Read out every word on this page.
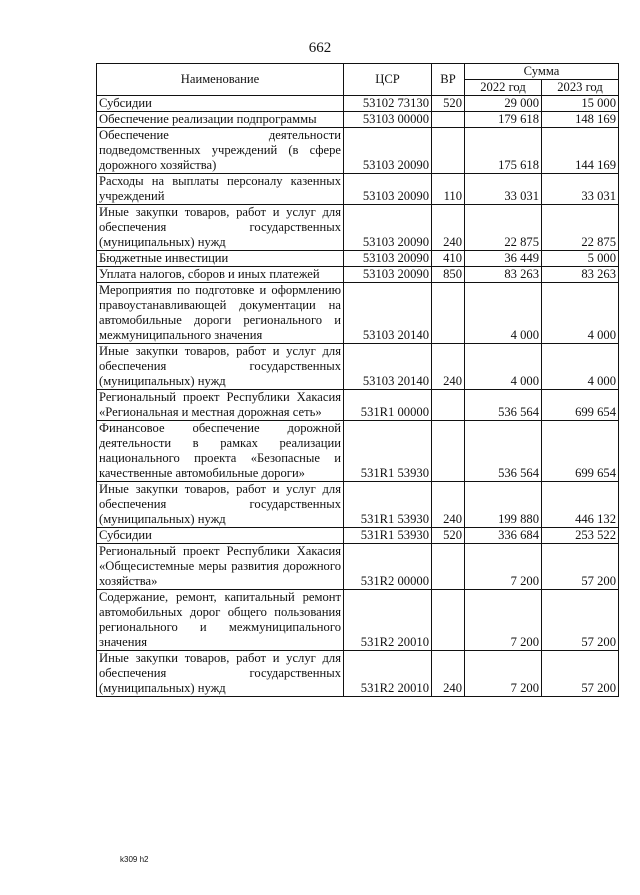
662
Наименование	ЦСР	ВР	Сумма	
			2022 год	2023 год
Субсидии	53102 73130	520	29 000	15 000
Обеспечение реализации подпрограммы	53103 00000		179 618	148 169
Обеспечение деятельности подведомственных учреждений (в сфере дорожного хозяйства)	53103 20090		175 618	144 169
Расходы на выплаты персоналу казенных учреждений	53103 20090	110	33 031	33 031
Иные закупки товаров, работ и услуг для обеспечения государственных (муниципальных) нужд	53103 20090	240	22 875	22 875
Бюджетные инвестиции	53103 20090	410	36 449	5 000
Уплата налогов, сборов и иных платежей	53103 20090	850	83 263	83 263
Мероприятия по подготовке и оформлению правоустанавливающей документации на автомобильные дороги регионального и межмуниципального значения	53103 20140		4 000	4 000
Иные закупки товаров, работ и услуг для обеспечения государственных (муниципальных) нужд	53103 20140	240	4 000	4 000
Региональный проект Республики Хакасия «Региональная и местная дорожная сеть»	531R1 00000		536 564	699 654
Финансовое обеспечение дорожной деятельности в рамках реализации национального проекта «Безопасные и качественные автомобильные дороги»	531R1 53930		536 564	699 654
Иные закупки товаров, работ и услуг для обеспечения государственных (муниципальных) нужд	531R1 53930	240	199 880	446 132
Субсидии	531R1 53930	520	336 684	253 522
Региональный проект Республики Хакасия «Общесистемные меры развития дорожного хозяйства»	531R2 00000		7 200	57 200
Содержание, ремонт, капитальный ремонт автомобильных дорог общего пользования регионального и межмуниципального значения	531R2 20010		7 200	57 200
Иные закупки товаров, работ и услуг для обеспечения государственных (муниципальных) нужд	531R2 20010	240	7 200	57 200
k309 h2
